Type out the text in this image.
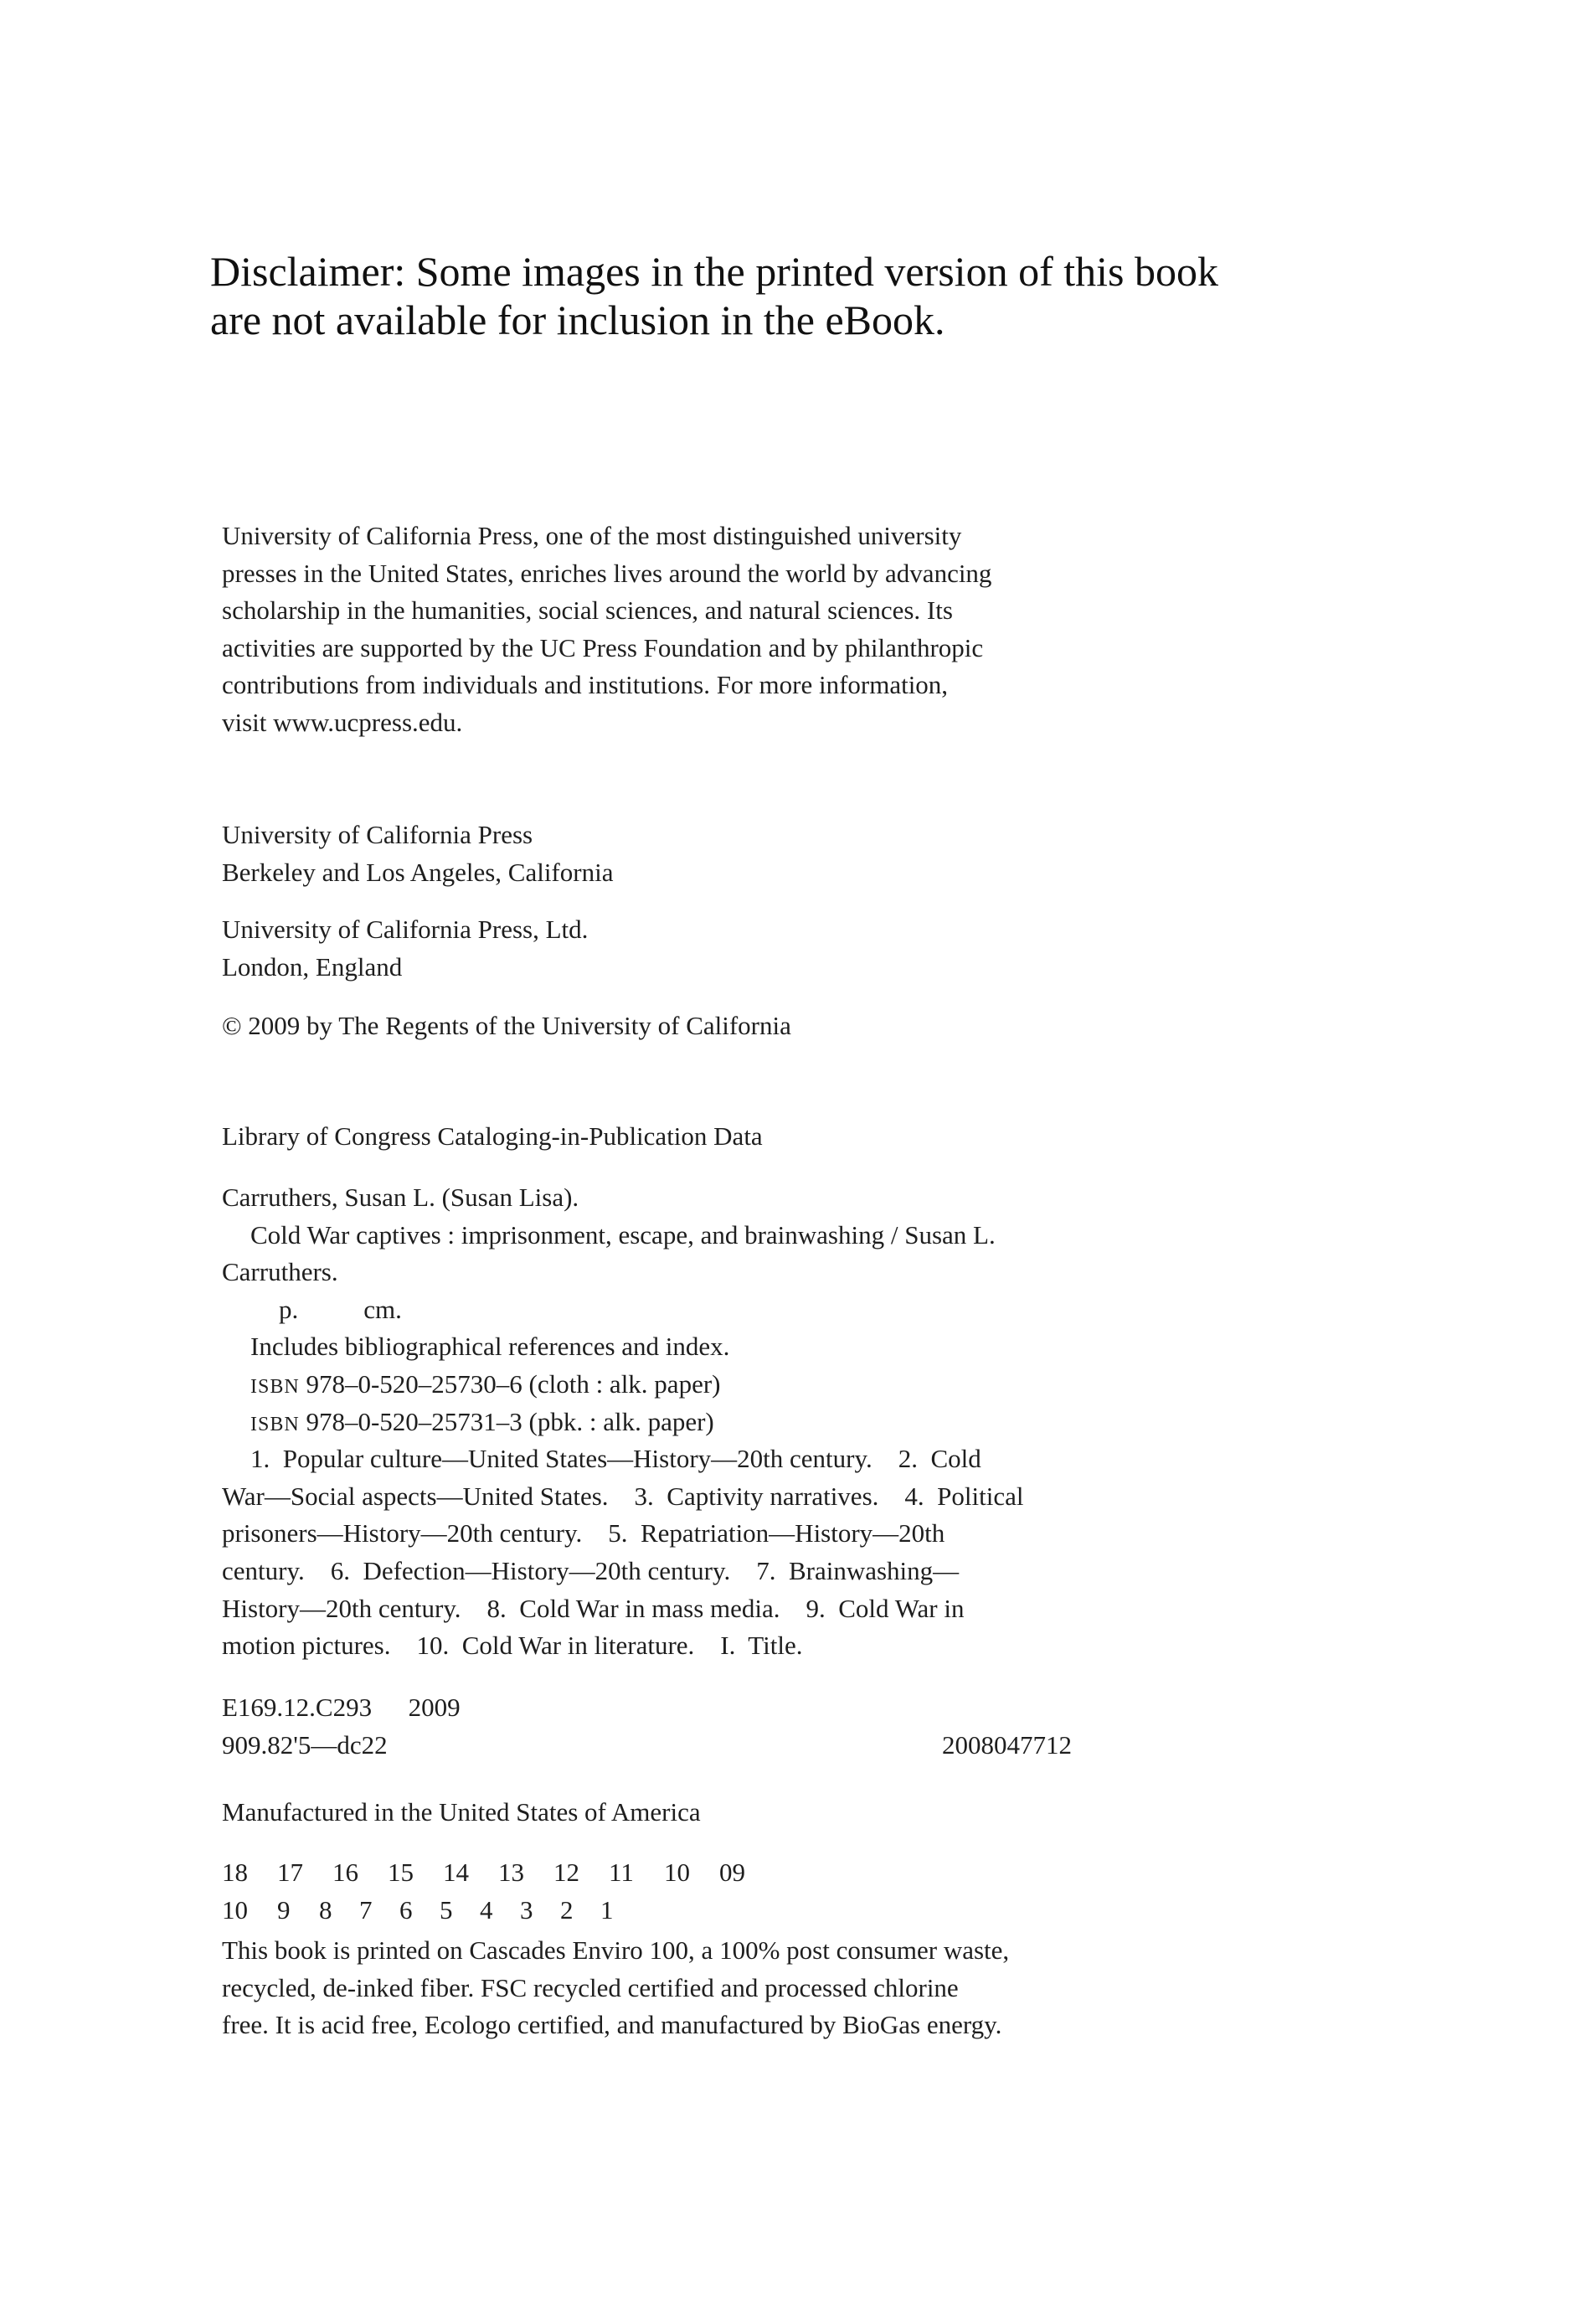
Disclaimer: Some images in the printed version of this book
are not available for inclusion in the eBook.
University of California Press, one of the most distinguished university
presses in the United States, enriches lives around the world by advancing
scholarship in the humanities, social sciences, and natural sciences. Its
activities are supported by the UC Press Foundation and by philanthropic
contributions from individuals and institutions. For more information,
visit www.ucpress.edu.
University of California Press
Berkeley and Los Angeles, California
University of California Press, Ltd.
London, England
© 2009 by The Regents of the University of California
Library of Congress Cataloging-in-Publication Data
Carruthers, Susan L. (Susan Lisa).
Cold War captives : imprisonment, escape, and brainwashing / Susan L.
Carruthers.
p.	cm.
Includes bibliographical references and index.
ISBN 978–0-520–25730–6 (cloth : alk. paper)
ISBN 978–0-520–25731–3 (pbk. : alk. paper)
1.  Popular culture—United States—History—20th century.    2.  Cold
War—Social aspects—United States.    3.  Captivity narratives.    4.  Political
prisoners—History—20th century.    5.  Repatriation—History—20th
century.    6.  Defection—History—20th century.    7.  Brainwashing—
History—20th century.    8.  Cold War in mass media.    9.  Cold War in
motion pictures.    10.  Cold War in literature.    I.  Title.
E169.12.C293 2009
909.82'5—dc22	2008047712
Manufactured in the United States of America
18	17	16	15	14	13	12	11	10	09
10	9	8	7	6	5	4	3	2	1
This book is printed on Cascades Enviro 100, a 100% post consumer waste,
recycled, de-inked fiber. FSC recycled certified and processed chlorine
free. It is acid free, Ecologo certified, and manufactured by BioGas energy.
